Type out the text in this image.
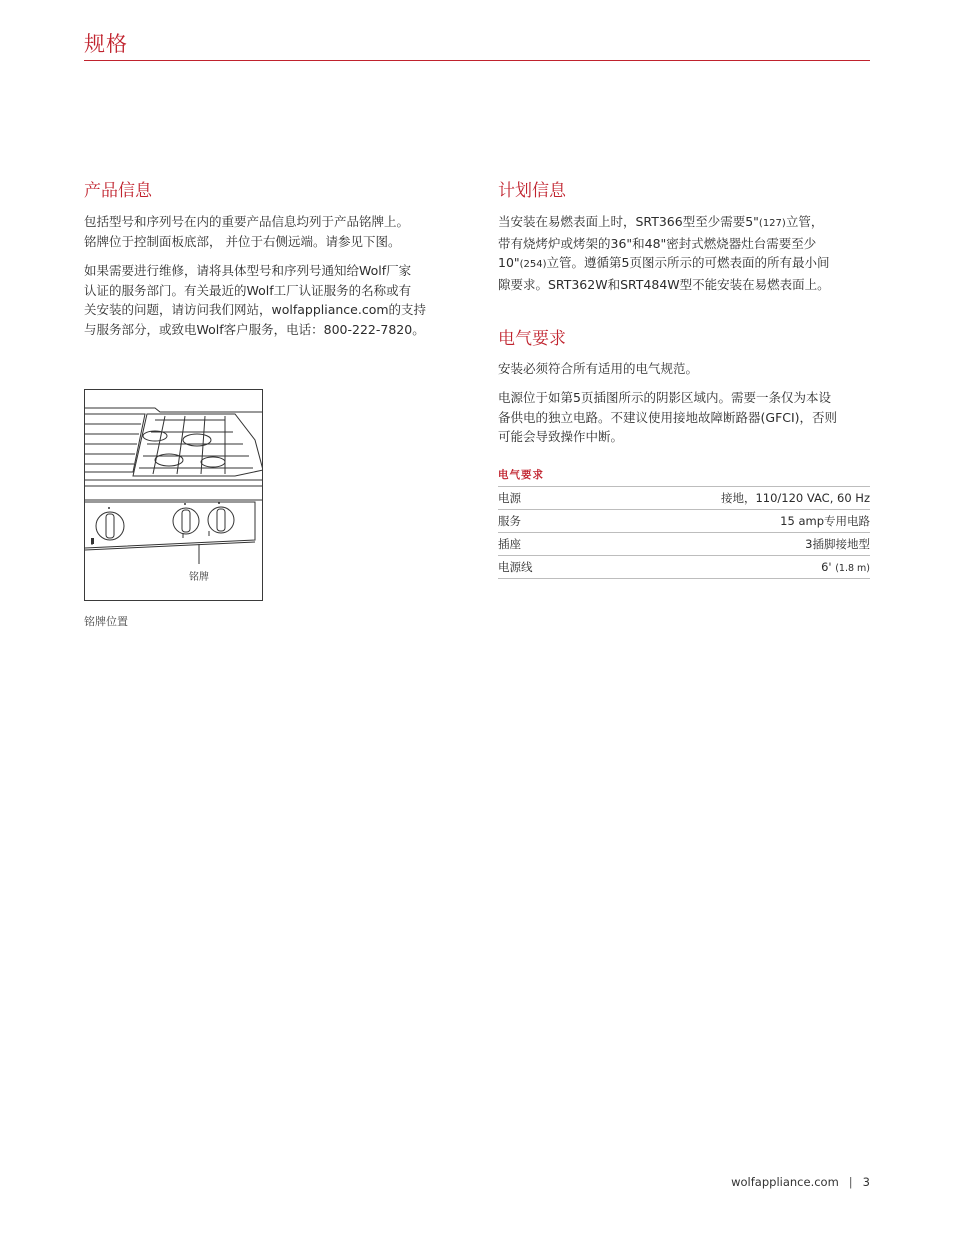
规格
产品信息
包括型号和序列号在内的重要产品信息均列于产品铭牌上。
铭牌位于控制面板底部， 并位于右侧远端。请参见下图。
如果需要进行维修，请将具体型号和序列号通知给Wolf厂家
认证的服务部门。有关最近的Wolf工厂认证服务的名称或有
关安装的问题，请访问我们网站，wolfappliance.com的支持
与服务部分，或致电Wolf客户服务，电话：800-222-7820。
铭牌
铭牌位置
计划信息
当安装在易燃表面上时，SRT366型至少需要5"(127)立管，
带有烧烤炉或烤架的36"和48"密封式燃烧器灶台需要至少
10"(254)立管。遵循第5页图示所示的可燃表面的所有最小间
隙要求。SRT362W和SRT484W型不能安装在易燃表面上。
电气要求
安装必须符合所有适用的电气规范。
电源位于如第5页插图所示的阴影区域内。需要一条仅为本设
备供电的独立电路。不建议使用接地故障断路器(GFCI)，否则
可能会导致操作中断。
电气要求
电源	接地，110/120 VAC, 60 Hz
服务	15 amp专用电路
插座	3插脚接地型
电源线	6' (1.8 m)
wolfappliance.com | 3
